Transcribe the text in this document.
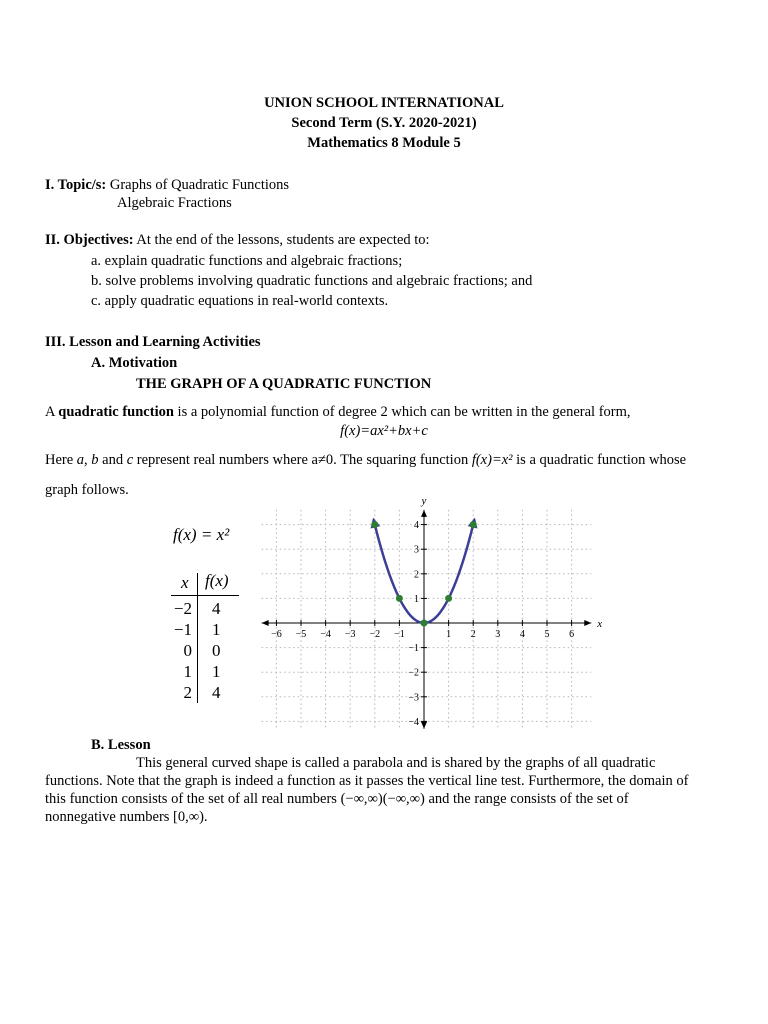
UNION SCHOOL INTERNATIONAL
Second Term (S.Y. 2020-2021)
Mathematics 8 Module 5
I. Topic/s: Graphs of Quadratic Functions
Algebraic Fractions
II. Objectives: At the end of the lessons, students are expected to:
a. explain quadratic functions and algebraic fractions;
b. solve problems involving quadratic functions and algebraic fractions; and
c. apply quadratic equations in real-world contexts.
III. Lesson and Learning Activities
A. Motivation
THE GRAPH OF A QUADRATIC FUNCTION
A quadratic function is a polynomial function of degree 2 which can be written in the general form,
f(x)=ax²+bx+c
Here a, b and c represent real numbers where a≠0. The squaring function f(x)=x² is a quadratic function whose
graph follows.
f(x) = x²
x f(x)
−2 4
−1 1
0 0
1 1
2 4
−6 −5 −4 −3 −2 −1	1 2 3 4 5 6
−4
−3
−2
−1
1
2
3
4
x
y
B. Lesson
This general curved shape is called a parabola and is shared by the graphs of all quadratic
functions. Note that the graph is indeed a function as it passes the vertical line test. Furthermore, the domain of
this function consists of the set of all real numbers (−∞,∞)(−∞,∞) and the range consists of the set of
nonnegative numbers [0,∞).
